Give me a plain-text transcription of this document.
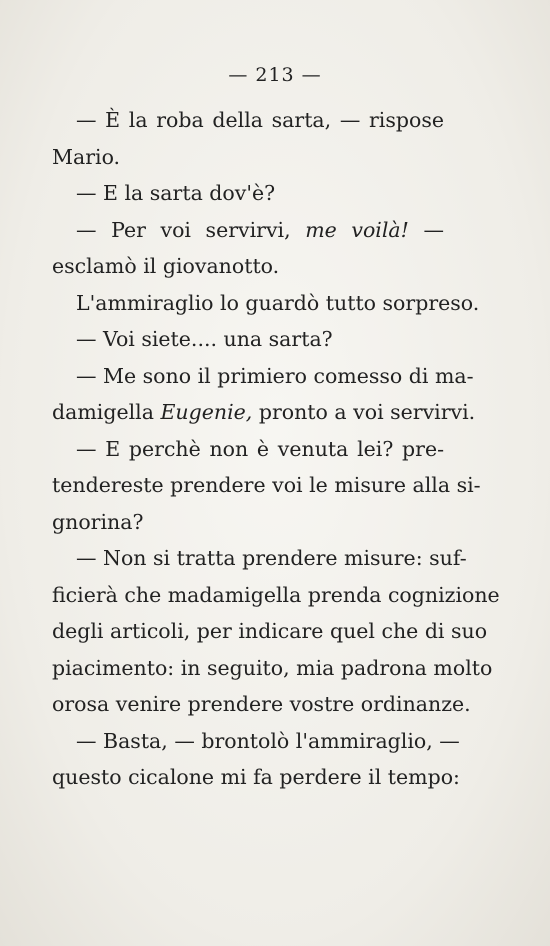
— 213 —
— È la roba della sarta, — rispose
Mario.
— E la sarta dov'è?
— Per voi servirvi, me voilà! —
esclamò il giovanotto.
L'ammiraglio lo guardò tutto sorpreso.
— Voi siete.... una sarta?
— Me sono il primiero comesso di ma-
damigella Eugenie, pronto a voi servirvi.
— E perchè non è venuta lei? pre-
tendereste prendere voi le misure alla si-
gnorina?
— Non si tratta prendere misure: suf-
ficierà che madamigella prenda cognizione
degli articoli, per indicare quel che di suo
piacimento: in seguito, mia padrona molto
orosa venire prendere vostre ordinanze.
— Basta, — brontolò l'ammiraglio, —
questo cicalone mi fa perdere il tempo:
